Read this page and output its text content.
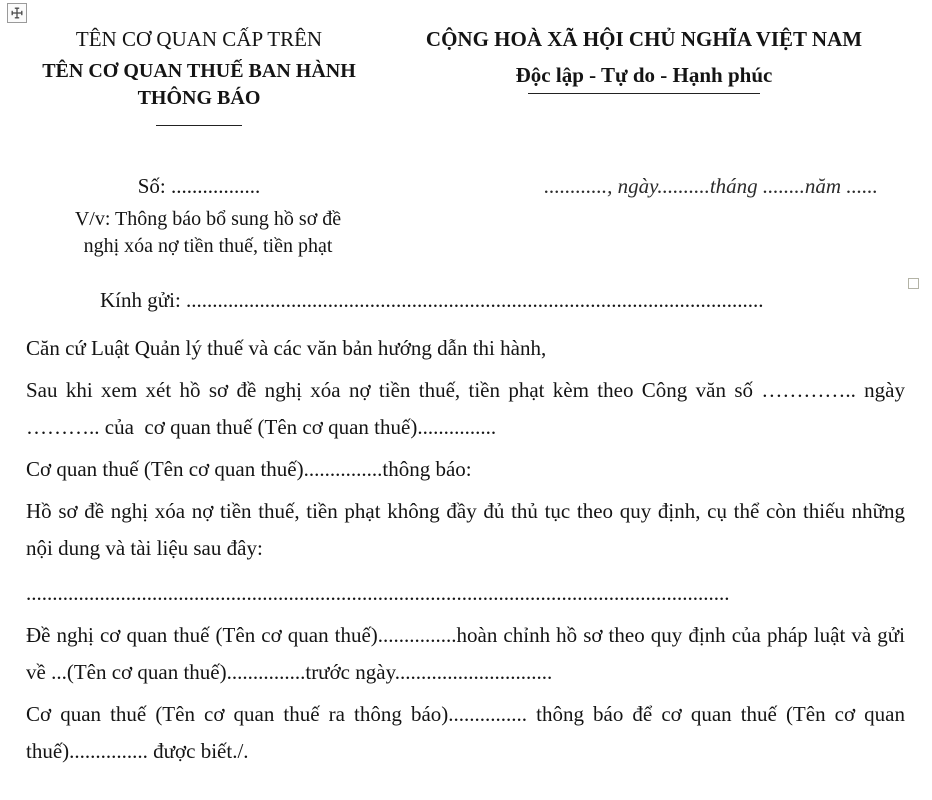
TÊN CƠ QUAN CẤP TRÊN
TÊN CƠ QUAN THUẾ BAN HÀNH THÔNG BÁO
CỘNG HOÀ XÃ HỘI CHỦ NGHĨA VIỆT NAM
Độc lập - Tự do - Hạnh phúc
Số: .................	............, ngày..........tháng ........năm ......
V/v: Thông báo bổ sung hồ sơ đề
nghị xóa nợ tiền thuế, tiền phạt

Kính gửi: ..............................................................................................................

Căn cứ Luật Quản lý thuế và các văn bản hướng dẫn thi hành,

Sau khi xem xét hồ sơ đề nghị xóa nợ tiền thuế, tiền phạt kèm theo Công văn số ………….. ngày ……….. của  cơ quan thuế (Tên cơ quan thuế)...............

Cơ quan thuế (Tên cơ quan thuế)...............thông báo:

Hồ sơ đề nghị xóa nợ tiền thuế, tiền phạt không đầy đủ thủ tục theo quy định, cụ thể còn thiếu những nội dung và tài liệu sau đây:

......................................................................................................................................

Đề nghị cơ quan thuế (Tên cơ quan thuế)...............hoàn chỉnh hồ sơ theo quy định của pháp luật và gửi về ...(Tên cơ quan thuế)...............trước ngày..............................

Cơ quan thuế (Tên cơ quan thuế ra thông báo)............... thông báo để cơ quan thuế (Tên cơ quan thuế)............... được biết./.
